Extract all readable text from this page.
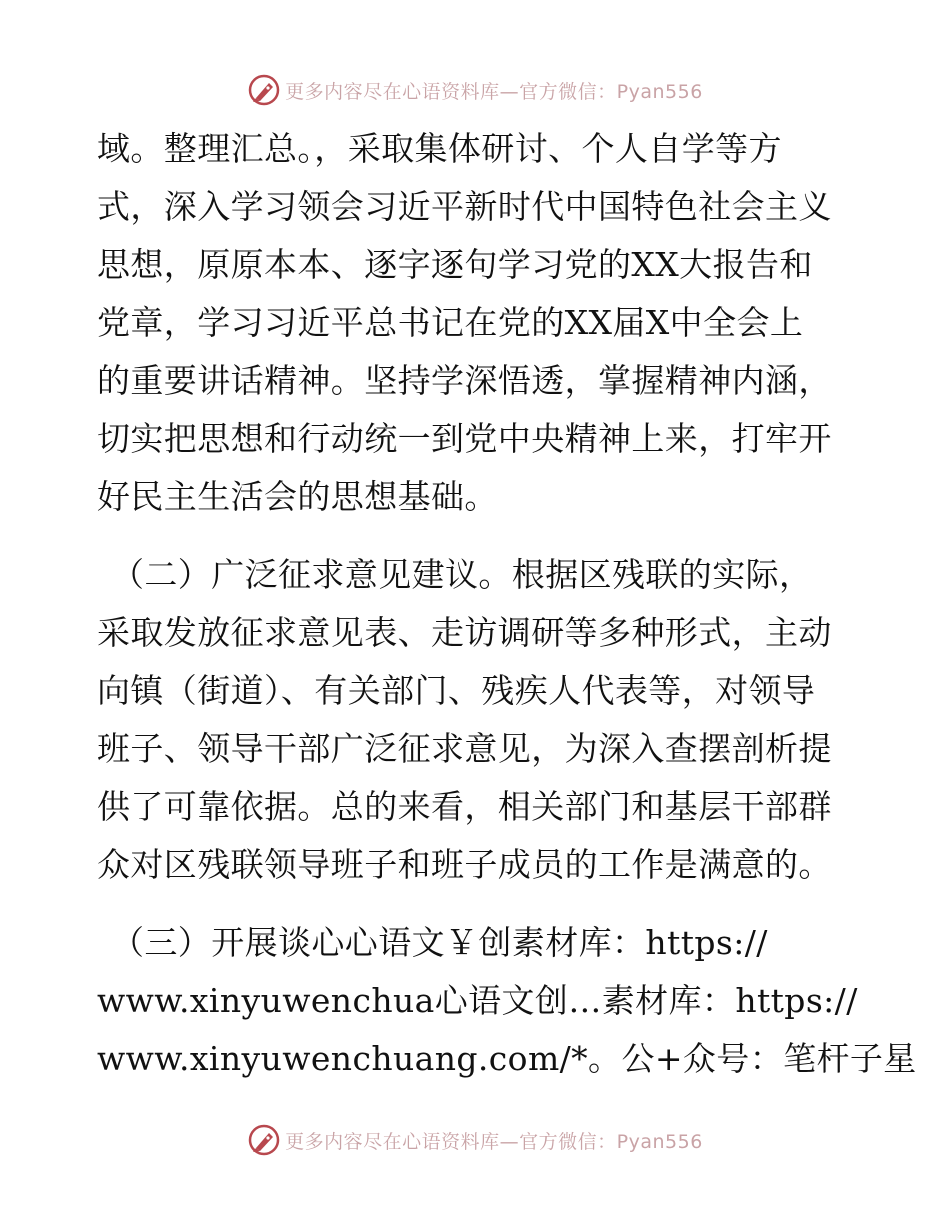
更多内容尽在心语资料库—官方微信：Pyan556
域。整理汇总。，采取集体研讨、个人自学等方
式，深入学习领会习近平新时代中国特色社会主义
思想，原原本本、逐字逐句学习党的XX大报告和
党章，学习习近平总书记在党的XX届X中全会上
的重要讲话精神。坚持学深悟透，掌握精神内涵，
切实把思想和行动统一到党中央精神上来，打牢开
好民主生活会的思想基础。
（二）广泛征求意见建议。根据区残联的实际，
采取发放征求意见表、走访调研等多种形式，主动
向镇（街道）、有关部门、残疾人代表等，对领导
班子、领导干部广泛征求意见，为深入查摆剖析提
供了可靠依据。总的来看，相关部门和基层干部群
众对区残联领导班子和班子成员的工作是满意的。
（三）开展谈心心语文￥创素材库：https://
www.xinyuwenchua心语文创…素材库：https://
www.xinyuwenchuang.com/*。公+众号：笔杆子星
更多内容尽在心语资料库—官方微信：Pyan556
